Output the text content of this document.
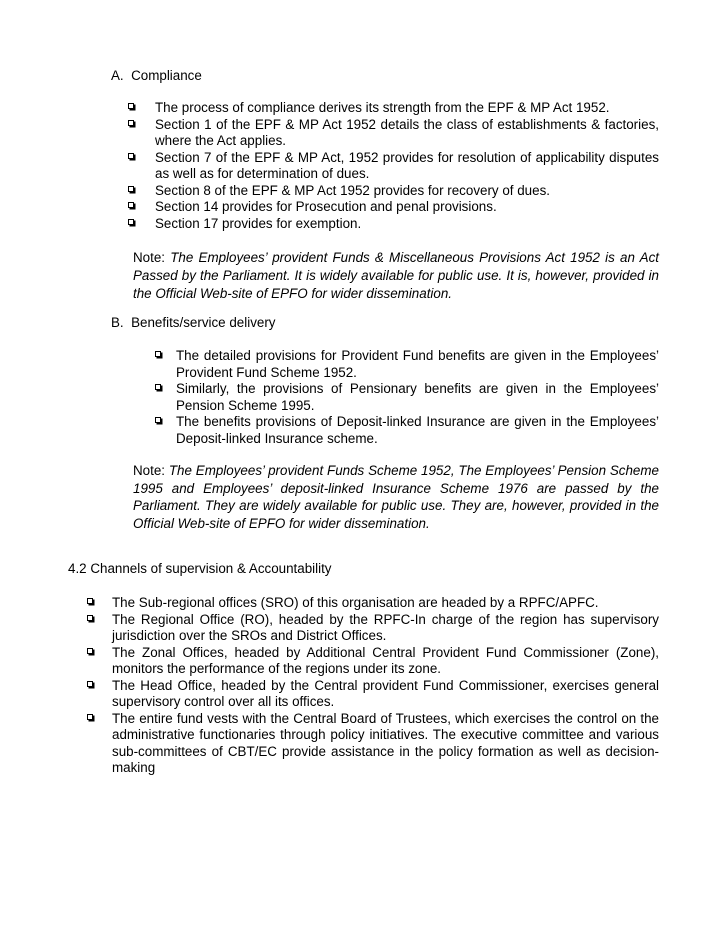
A. Compliance
The process of compliance derives its strength from the EPF & MP Act 1952.
Section 1 of the EPF & MP Act 1952 details the class of establishments & factories, where the Act applies.
Section 7 of the EPF & MP Act, 1952 provides for resolution of applicability disputes as well as for determination of dues.
Section 8 of the EPF & MP Act 1952 provides for recovery of dues.
Section 14 provides for Prosecution and penal provisions.
Section 17 provides for exemption.
Note: The Employees’ provident Funds & Miscellaneous Provisions Act 1952 is an Act Passed by the Parliament. It is widely available for public use. It is, however, provided in the Official Web-site of EPFO for wider dissemination.
B. Benefits/service delivery
The detailed provisions for Provident Fund benefits are given in the Employees’ Provident Fund Scheme 1952.
Similarly, the provisions of Pensionary benefits are given in the Employees’ Pension Scheme 1995.
The benefits provisions of Deposit-linked Insurance are given in the Employees’ Deposit-linked Insurance scheme.
Note: The Employees’ provident Funds Scheme 1952, The Employees’ Pension Scheme 1995 and Employees’ deposit-linked Insurance Scheme 1976 are passed by the Parliament. They are widely available for public use. They are, however, provided in the Official Web-site of EPFO for wider dissemination.
4.2 Channels of supervision & Accountability
The Sub-regional offices (SRO) of this organisation are headed by a RPFC/APFC.
The Regional Office (RO), headed by the RPFC-In charge of the region has supervisory jurisdiction over the SROs and District Offices.
The Zonal Offices, headed by Additional Central Provident Fund Commissioner (Zone), monitors the performance of the regions under its zone.
The Head Office, headed by the Central provident Fund Commissioner, exercises general supervisory control over all its offices.
The entire fund vests with the Central Board of Trustees, which exercises the control on the administrative functionaries through policy initiatives. The executive committee and various sub-committees of CBT/EC provide assistance in the policy formation as well as decision-making
